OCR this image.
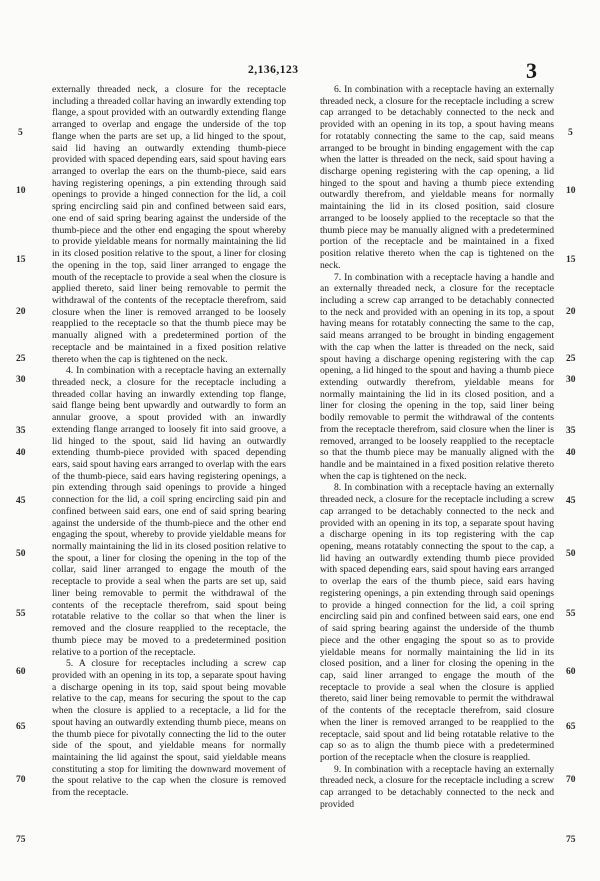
2,136,123	3

externally threaded neck, a closure for the receptacle including a threaded collar having an inwardly extending top flange, a spout provided with an outwardly extending flange arranged to overlap and engage the underside of the top flange when the parts are set up, a lid hinged to the spout, said lid having an outwardly extending thumb-piece provided with spaced depending ears, said spout having ears arranged to overlap the ears on the thumb-piece, said ears having registering openings, a pin extending through said openings to provide a hinged connection for the lid, a coil spring encircling said pin and confined between said ears, one end of said spring bearing against the underside of the thumb-piece and the other end engaging the spout whereby to provide yieldable means for normally maintaining the lid in its closed position relative to the spout, a liner for closing the opening in the top, said liner arranged to engage the mouth of the receptacle to provide a seal when the closure is applied thereto, said liner being removable to permit the withdrawal of the contents of the receptacle therefrom, said closure when the liner is removed arranged to be loosely reapplied to the receptacle so that the thumb piece may be manually aligned with a predetermined portion of the receptacle and be maintained in a fixed position relative thereto when the cap is tightened on the neck.

4. In combination with a receptacle having an externally threaded neck, a closure for the receptacle including a threaded collar having an inwardly extending top flange, said flange being bent upwardly and outwardly to form an annular groove, a spout provided with an inwardly extending flange arranged to loosely fit into said groove, a lid hinged to the spout, said lid having an outwardly extending thumb-piece provided with spaced depending ears, said spout having ears arranged to overlap with the ears of the thumb-piece, said ears having registering openings, a pin extending through said openings to provide a hinged connection for the lid, a coil spring encircling said pin and confined between said ears, one end of said spring bearing against the underside of the thumb-piece and the other end engaging the spout, whereby to provide yieldable means for normally maintaining the lid in its closed position relative to the spout, a liner for closing the opening in the top of the collar, said liner arranged to engage the mouth of the receptacle to provide a seal when the parts are set up, said liner being removable to permit the withdrawal of the contents of the receptacle therefrom, said spout being rotatable relative to the collar so that when the liner is removed and the closure reapplied to the receptacle, the thumb piece may be moved to a predetermined position relative to a portion of the receptacle.

5. A closure for receptacles including a screw cap provided with an opening in its top, a separate spout having a discharge opening in its top, said spout being movable relative to the cap, means for securing the spout to the cap when the closure is applied to a receptacle, a lid for the spout having an outwardly extending thumb piece, means on the thumb piece for pivotally connecting the lid to the outer side of the spout, and yieldable means for normally maintaining the lid against the spout, said yieldable means constituting a stop for limiting the downward movement of the spout relative to the cap when the closure is removed from the receptacle.

6. In combination with a receptacle having an externally threaded neck, a closure for the receptacle including a screw cap arranged to be detachably connected to the neck and provided with an opening in its top, a spout having means for rotatably connecting the same to the cap, said means arranged to be brought in binding engagement with the cap when the latter is threaded on the neck, said spout having a discharge opening registering with the cap opening, a lid hinged to the spout and having a thumb piece extending outwardly therefrom, and yieldable means for normally maintaining the lid in its closed position, said closure arranged to be loosely applied to the receptacle so that the thumb piece may be manually aligned with a predetermined portion of the receptacle and be maintained in a fixed position relative thereto when the cap is tightened on the neck.

7. In combination with a receptacle having a handle and an externally threaded neck, a closure for the receptacle including a screw cap arranged to be detachably connected to the neck and provided with an opening in its top, a spout having means for rotatably connecting the same to the cap, said means arranged to be brought in binding engagement with the cap when the latter is threaded on the neck, said spout having a discharge opening registering with the cap opening, a lid hinged to the spout and having a thumb piece extending outwardly therefrom, yieldable means for normally maintaining the lid in its closed position, and a liner for closing the opening in the top, said liner being bodily removable to permit the withdrawal of the contents from the receptacle therefrom, said closure when the liner is removed, arranged to be loosely reapplied to the receptacle so that the thumb piece may be manually aligned with the handle and be maintained in a fixed position relative thereto when the cap is tightened on the neck.

8. In combination with a receptacle having an externally threaded neck, a closure for the receptacle including a screw cap arranged to be detachably connected to the neck and provided with an opening in its top, a separate spout having a discharge opening in its top registering with the cap opening, means rotatably connecting the spout to the cap, a lid having an outwardly extending thumb piece provided with spaced depending ears, said spout having ears arranged to overlap the ears of the thumb piece, said ears having registering openings, a pin extending through said openings to provide a hinged connection for the lid, a coil spring encircling said pin and confined between said ears, one end of said spring bearing against the underside of the thumb piece and the other engaging the spout so as to provide yieldable means for normally maintaining the lid in its closed position, and a liner for closing the opening in the cap, said liner arranged to engage the mouth of the receptacle to provide a seal when the closure is applied thereto, said liner being removable to permit the withdrawal of the contents of the receptacle therefrom, said closure when the liner is removed arranged to be reapplied to the receptacle, said spout and lid being rotatable relative to the cap so as to align the thumb piece with a predetermined portion of the receptacle when the closure is reapplied.

9. In combination with a receptacle having an externally threaded neck, a closure for the receptacle including a screw cap arranged to be detachably connected to the neck and provided

5
10
15
20
25
30
35
40
45
50
55
60
65
70
75
5
10
15
20
25
30
35
40
45
50
55
60
65
70
75
